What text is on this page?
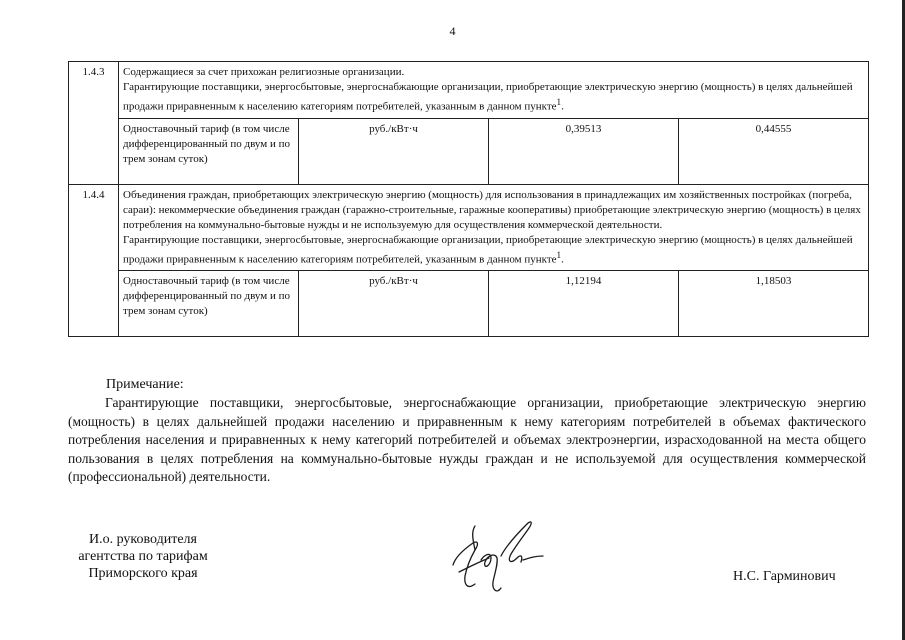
4
1.4.3	Содержащиеся за счет прихожан религиозные организации.
Гарантирующие поставщики, энергосбытовые, энергоснабжающие организации, приобретающие электрическую энергию (мощность) в целях дальнейшей продажи приравненным к населению категориям потребителей, указанным в данном пункте$^1$.			

	Одноставочный тариф (в том числе дифференцированный по двум и по трем зонам суток)	руб./кВт·ч	0,39513	0,44555
1.4.4	Объединения граждан, приобретающих электрическую энергию (мощность) для использования в принадлежащих им хозяйственных постройках (погреба, сараи): некоммерческие объединения граждан (гаражно-строительные, гаражные кооперативы) приобретающие электрическую энергию (мощность) в целях потребления на коммунально-бытовые нужды и не используемую для осуществления коммерческой деятельности.
Гарантирующие поставщики, энергосбытовые, энергоснабжающие организации, приобретающие электрическую энергию (мощность) в целях дальнейшей продажи приравненным к населению категориям потребителей, указанным в данном пункте$^1$.			

	Одноставочный тариф (в том числе дифференцированный по двум и по трем зонам суток)	руб./кВт·ч	1,12194	1,18503
Примечание:
Гарантирующие поставщики, энергосбытовые, энергоснабжающие организации, приобретающие электрическую энергию (мощность) в целях дальнейшей продажи населению и приравненным к нему категориям потребителей в объемах фактического потребления населения и приравненных к нему категорий потребителей и объемах электроэнергии, израсходованной на места общего пользования в целях потребления на коммунально-бытовые нужды граждан и не используемой для осуществления коммерческой (профессиональной) деятельности.
И.о. руководителя
агентства по тарифам
Приморского края	Н.С. Гарминович
